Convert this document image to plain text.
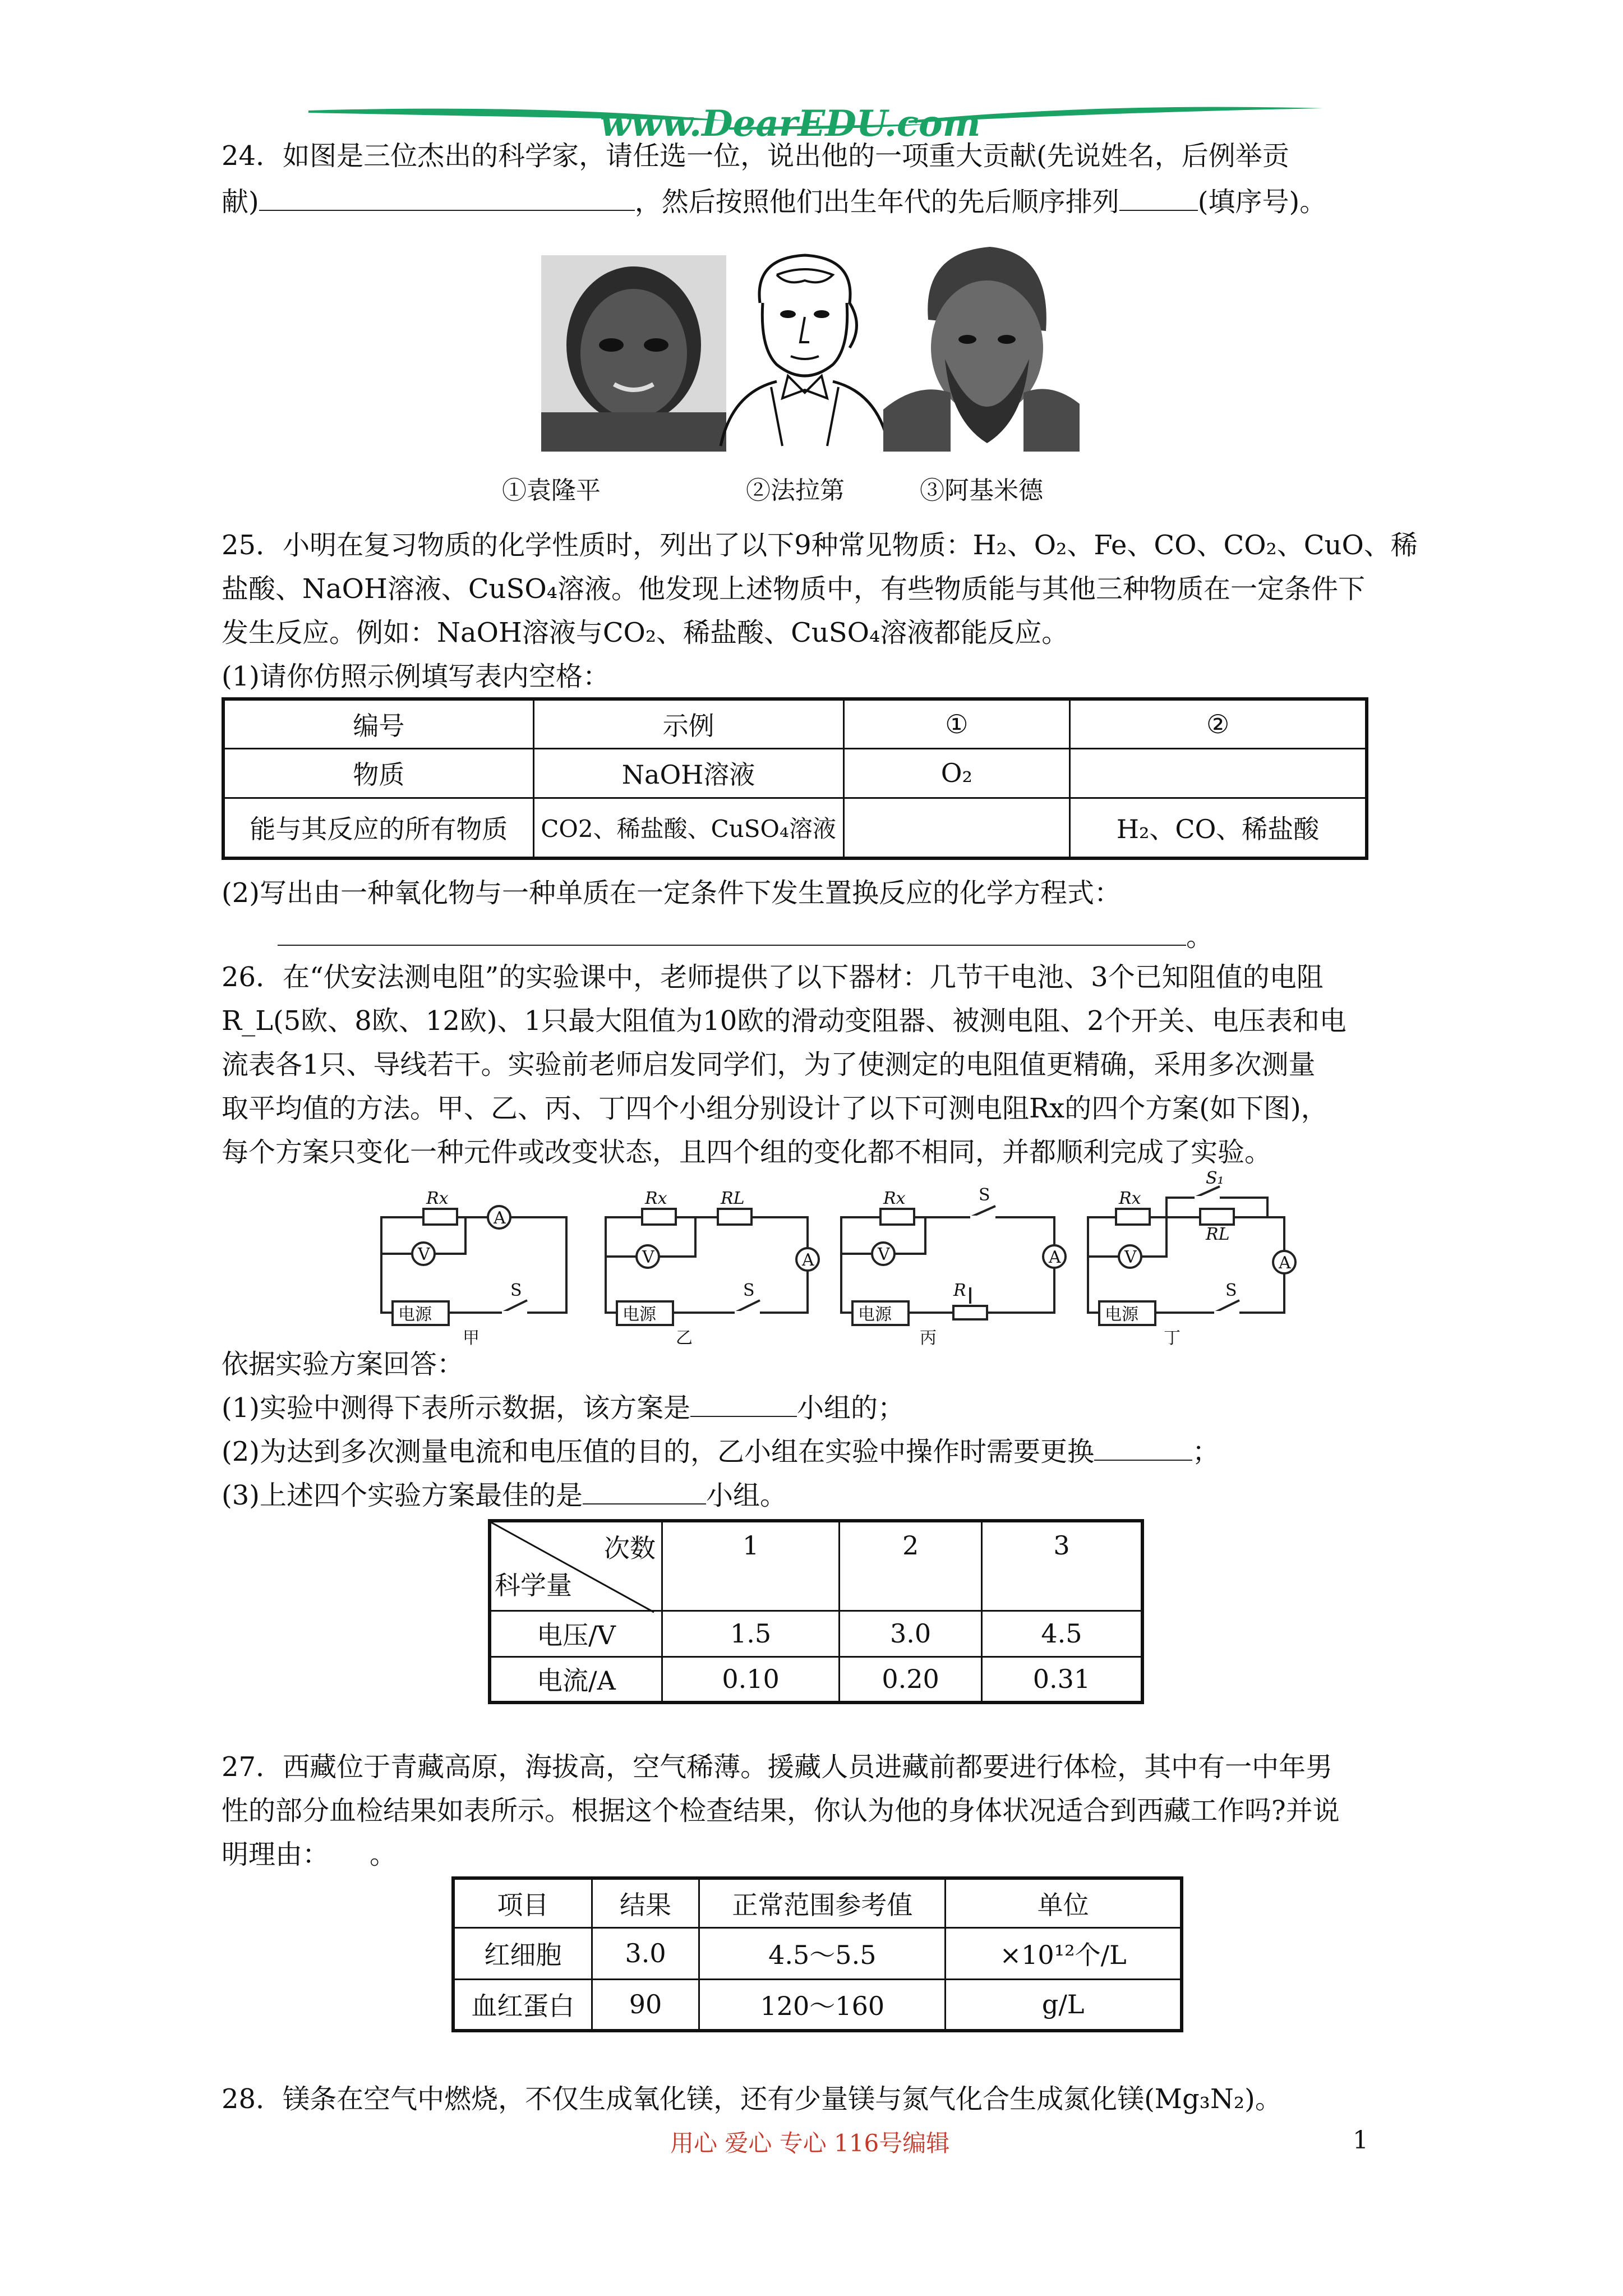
www.DearEDU.com
24．如图是三位杰出的科学家，请任选一位，说出他的一项重大贡献(先说姓名，后例举贡
献)	，然后按照他们出生年代的先后顺序排列	(填序号)。
①袁隆平	②法拉第	③阿基米德
25．小明在复习物质的化学性质时，列出了以下9种常见物质：H₂、O₂、Fe、CO、CO₂、CuO、稀
盐酸、NaOH溶液、CuSO₄溶液。他发现上述物质中，有些物质能与其他三种物质在一定条件下
发生反应。例如：NaOH溶液与CO₂、稀盐酸、CuSO₄溶液都能反应。
(1)请你仿照示例填写表内空格：
编号	示例	①	②
物质	NaOH溶液	O₂	
能与其反应的所有物质	CO2、稀盐酸、CuSO₄溶液		H₂、CO、稀盐酸
(2)写出由一种氧化物与一种单质在一定条件下发生置换反应的化学方程式：
。
26．在“伏安法测电阻”的实验课中，老师提供了以下器材：几节干电池、3个已知阻值的电阻
R_L(5欧、8欧、12欧)、1只最大阻值为10欧的滑动变阻器、被测电阻、2个开关、电压表和电
流表各1只、导线若干。实验前老师启发同学们，为了使测定的电阻值更精确，采用多次测量
取平均值的方法。甲、乙、丙、丁四个小组分别设计了以下可测电阻Rx的四个方案(如下图)，
每个方案只变化一种元件或改变状态，且四个组的变化都不相同，并都顺利完成了实验。
Rx
V
A
S
电源
甲
Rx	RL
V	A
S
电源
乙
Rx
V
S
A
R
电源
丙
Rx
S₁
RL
V	A
S
电源
丁
依据实验方案回答：
(1)实验中测得下表所示数据，该方案是	小组的；
(2)为达到多次测量电流和电压值的目的，乙小组在实验中操作时需要更换	；
(3)上述四个实验方案最佳的是	小组。
次数
科学量	1	2	3
电压/V	1.5	3.0	4.5
电流/A	0.10	0.20	0.31
27．西藏位于青藏高原，海拔高，空气稀薄。援藏人员进藏前都要进行体检，其中有一中年男
性的部分血检结果如表所示。根据这个检查结果，你认为他的身体状况适合到西藏工作吗?并说
明理由：　　。
项目	结果	正常范围参考值	单位
红细胞	3.0	4.5～5.5	×10¹²个/L
血红蛋白	90	120～160	g/L
28．镁条在空气中燃烧，不仅生成氧化镁，还有少量镁与氮气化合生成氮化镁(Mg₃N₂)。
用心 爱心 专心 116号编辑	1
